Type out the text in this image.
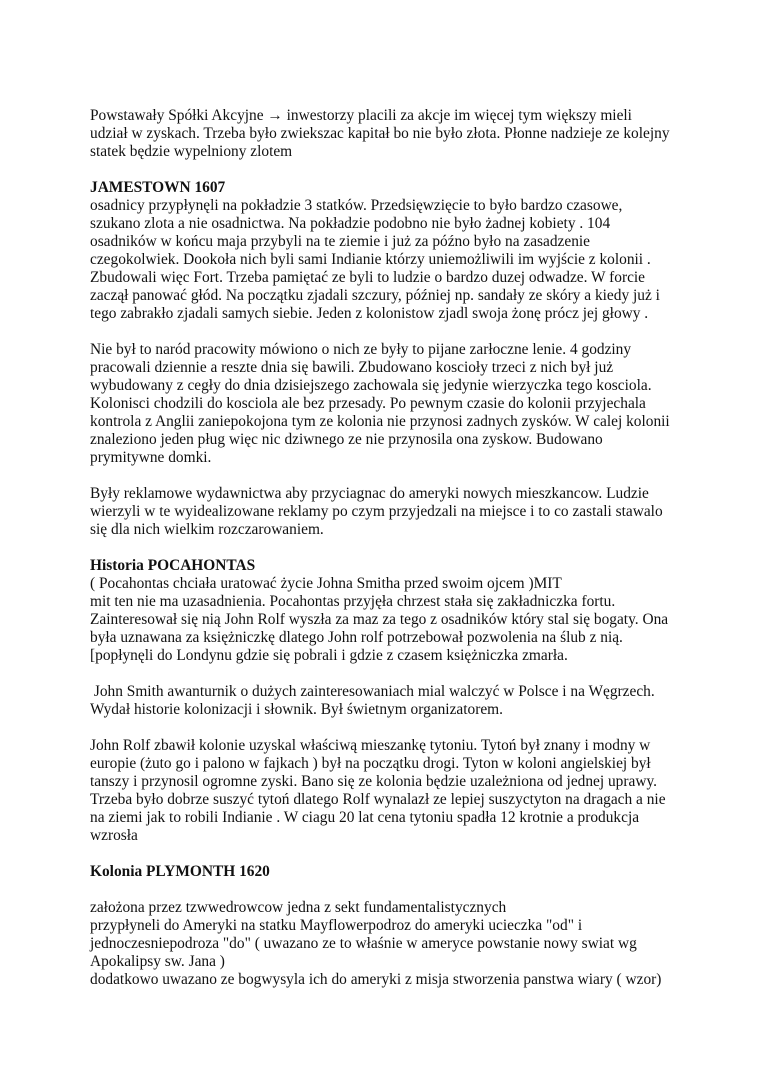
Powstawały Spółki Akcyjne → inwestorzy placili za akcje im więcej tym większy mieli
udział w zyskach. Trzeba było zwiekszac kapitał bo nie było złota. Płonne nadzieje ze kolejny
statek będzie wypelniony zlotem
JAMESTOWN 1607
osadnicy przypłynęli na pokładzie 3 statków. Przedsięwzięcie to było bardzo czasowe,
szukano zlota a nie osadnictwa. Na pokładzie podobno nie było żadnej kobiety . 104
osadników w końcu maja przybyli na te ziemie i już za późno było na zasadzenie
czegokolwiek. Dookoła nich byli sami Indianie którzy uniemożliwili im wyjście z kolonii .
Zbudowali więc Fort. Trzeba pamiętać ze byli to ludzie o bardzo duzej odwadze. W forcie
zaczął panować głód. Na początku zjadali szczury, później np. sandały ze skóry a kiedy już i
tego zabrakło zjadali samych siebie. Jeden z kolonistow zjadl swoja żonę prócz jej głowy .
Nie był to naród pracowity mówiono o nich ze były to pijane zarłoczne lenie. 4 godziny
pracowali dziennie a reszte dnia się bawili. Zbudowano koscioły trzeci z nich był już
wybudowany z cegły do dnia dzisiejszego zachowala się jedynie wierzyczka tego kosciola.
Kolonisci chodzili do kosciola ale bez przesady. Po pewnym czasie do kolonii przyjechala
kontrola z Anglii zaniepokojona tym ze kolonia nie przynosi zadnych zysków. W calej kolonii
znaleziono jeden pług więc nic dziwnego ze nie przynosila ona zyskow. Budowano
prymitywne domki.
Były reklamowe wydawnictwa aby przyciagnac do ameryki nowych mieszkancow. Ludzie
wierzyli w te wyidealizowane reklamy po czym przyjedzali na miejsce i to co zastali stawalo
się dla nich wielkim rozczarowaniem.
Historia POCAHONTAS
( Pocahontas chciała uratować życie Johna Smitha przed swoim ojcem )MIT
mit ten nie ma uzasadnienia. Pocahontas przyjęła chrzest stała się zakładniczka fortu.
Zainteresował się nią John Rolf wyszła za maz za tego z osadników który stal się bogaty. Ona
była uznawana za księżniczkę dlatego John rolf potrzebował pozwolenia na ślub z nią.
[popłynęli do Londynu gdzie się pobrali i gdzie z czasem księżniczka zmarła.
John Smith awanturnik o dużych zainteresowaniach mial walczyć w Polsce i na Węgrzech.
Wydał historie kolonizacji i słownik. Był świetnym organizatorem.
John Rolf zbawił kolonie uzyskal właściwą mieszankę tytoniu. Tytoń był znany i modny w
europie (żuto go i palono w fajkach ) był na początku drogi. Tyton w koloni angielskiej był
tanszy i przynosil ogromne zyski. Bano się ze kolonia będzie uzależniona od jednej uprawy.
Trzeba było dobrze suszyć tytoń dlatego Rolf wynalazł ze lepiej suszyctyton na dragach a nie
na ziemi jak to robili Indianie . W ciagu 20 lat cena tytoniu spadła 12 krotnie a produkcja
wzrosła
Kolonia PLYMONTH 1620
założona przez tzwwedrowcow jedna z sekt fundamentalistycznych
przypłyneli do Ameryki na statku Mayflowerpodroz do ameryki ucieczka "od" i
jednoczesniepodroza "do" ( uwazano ze to właśnie w ameryce powstanie nowy swiat wg
Apokalipsy sw. Jana )
dodatkowo uwazano ze bogwysyla ich do ameryki z misja stworzenia panstwa wiary ( wzor)
